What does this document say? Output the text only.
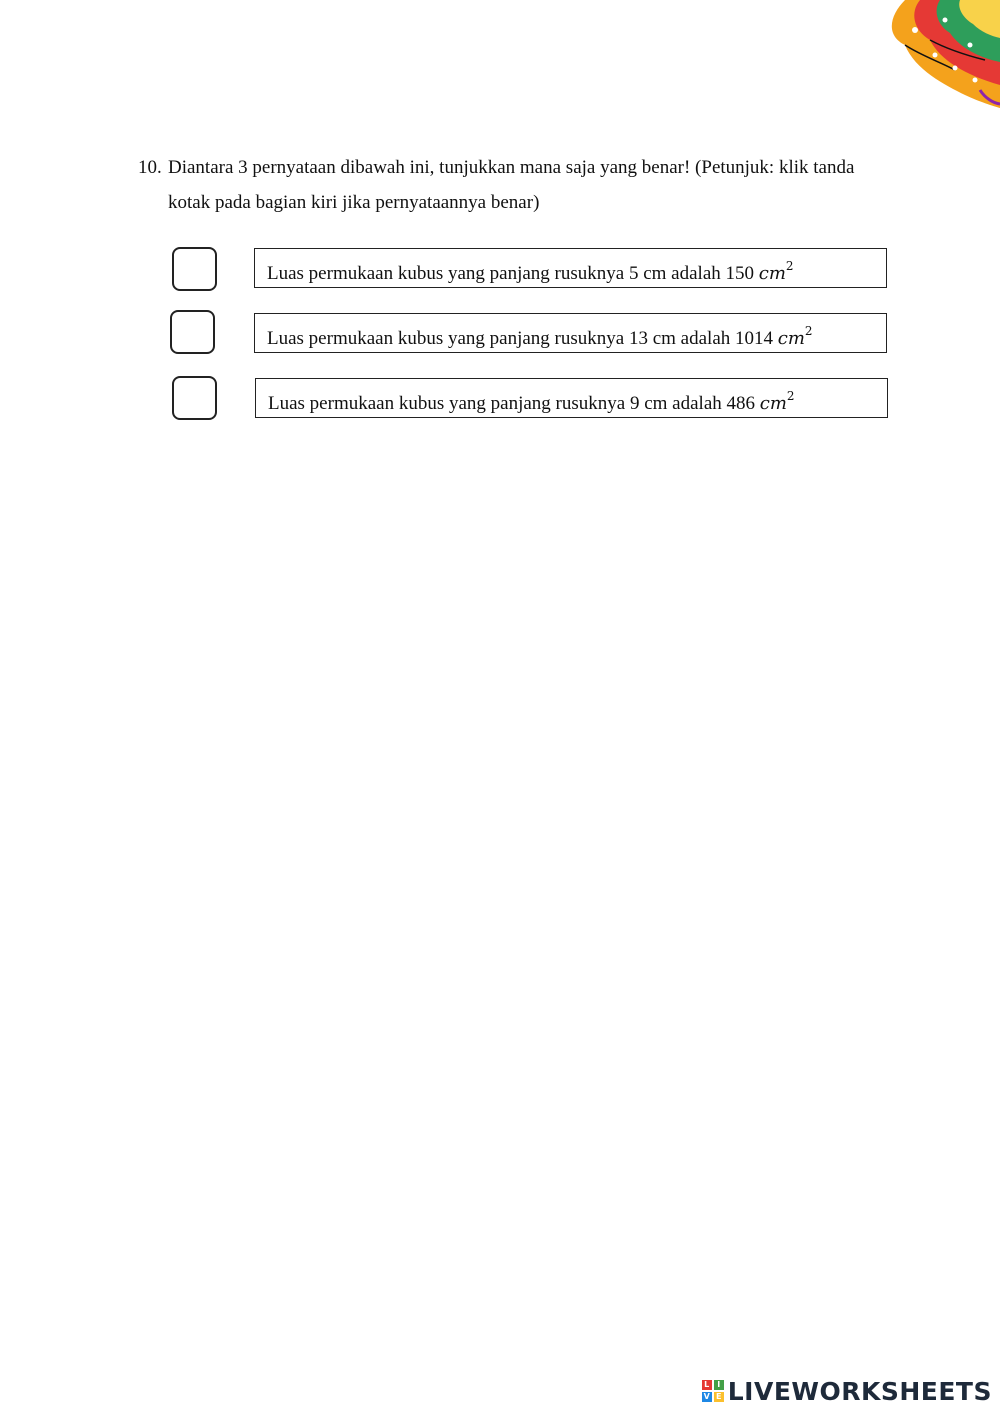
10. Diantara 3 pernyataan dibawah ini, tunjukkan mana saja yang benar! (Petunjuk: klik tanda kotak pada bagian kiri jika pernyataannya benar)
Luas permukaan kubus yang panjang rusuknya 5 cm adalah 150 $cm^2$
Luas permukaan kubus yang panjang rusuknya 13 cm adalah 1014 $cm^2$
Luas permukaan kubus yang panjang rusuknya 9 cm adalah 486 $cm^2$
L I
V E LIVEWORKSHEETS
